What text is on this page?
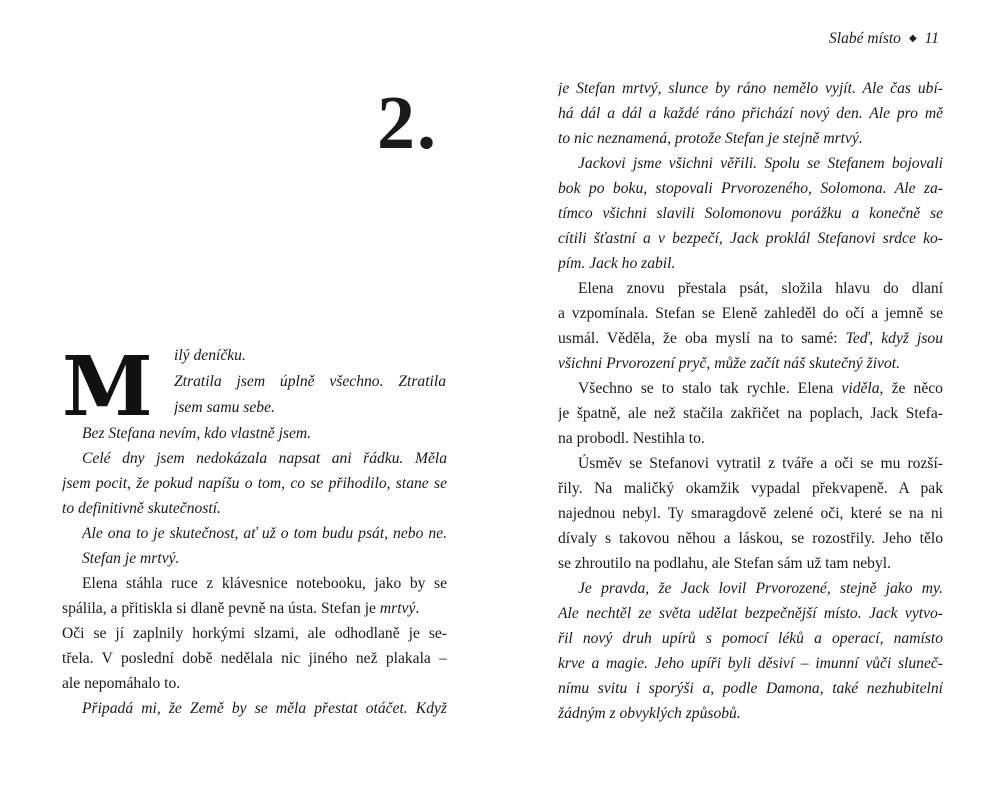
2.
M ilý deníčku.
Ztratila jsem úplně všechno. Ztratila
jsem samu sebe.
Bez Stefana nevím, kdo vlastně jsem.
Celé dny jsem nedokázala napsat ani řádku. Měla
jsem pocit, že pokud napíšu o tom, co se přihodilo, stane se
to definitivně skutečností.
Ale ona to je skutečnost, ať už o tom budu psát, nebo ne.
Stefan je mrtvý.
Elena stáhla ruce z klávesnice notebooku, jako by se
spálila, a přitiskla si dlaně pevně na ústa. Stefan je mrtvý.
Oči se jí zaplnily horkými slzami, ale odhodlaně je se-
třela. V poslední době nedělala nic jiného než plakala –
ale nepomáhalo to.
Připadá mi, že Země by se měla přestat otáčet. Když
Slabé místo ◆ 11
je Stefan mrtvý, slunce by ráno nemělo vyjít. Ale čas ubí-
há dál a dál a každé ráno přichází nový den. Ale pro mě
to nic neznamená, protože Stefan je stejně mrtvý.
Jackovi jsme všichni věřili. Spolu se Stefanem bojovali
bok po boku, stopovali Prvorozeného, Solomona. Ale za-
tímco všichni slavili Solomonovu porážku a konečně se
cítili šťastní a v bezpečí, Jack proklál Stefanovi srdce ko-
pím. Jack ho zabil.
Elena znovu přestala psát, složila hlavu do dlaní
a vzpomínala. Stefan se Eleně zahleděl do očí a jemně se
usmál. Věděla, že oba myslí na to samé: Teď, když jsou
všichni Prvorození pryč, může začít náš skutečný život.
Všechno se to stalo tak rychle. Elena viděla, že něco
je špatně, ale než stačila zakřičet na poplach, Jack Stefa-
na probodl. Nestihla to.
Úsměv se Stefanovi vytratil z tváře a oči se mu rozší-
řily. Na maličký okamžik vypadal překvapeně. A pak
najednou nebyl. Ty smaragdově zelené oči, které se na ni
dívaly s takovou něhou a láskou, se rozostřily. Jeho tělo
se zhroutilo na podlahu, ale Stefan sám už tam nebyl.
Je pravda, že Jack lovil Prvorozené, stejně jako my.
Ale nechtěl ze světa udělat bezpečnější místo. Jack vytvo-
řil nový druh upírů s pomocí léků a operací, namísto
krve a magie. Jeho upíři byli děsiví – imunní vůči sluneč-
nímu svitu i sporýši a, podle Damona, také nezhubitelní
žádným z obvyklých způsobů.
